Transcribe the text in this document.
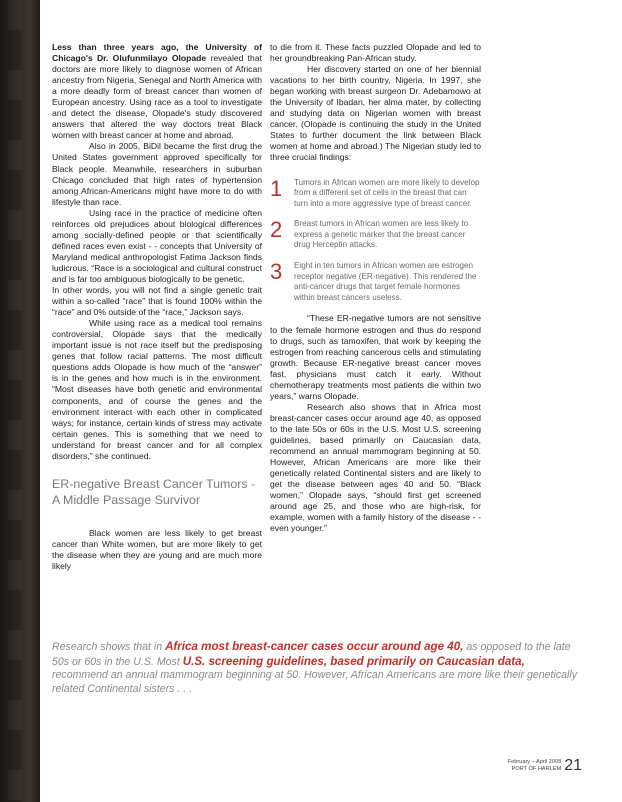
Less than three years ago, the University of Chicago's Dr. Olufunmilayo Olopade revealed that doctors are more likely to diagnose women of African ancestry from Nigeria, Senegal and North America with a more deadly form of breast cancer than women of European ancestry. Using race as a tool to investigate and detect the disease, Olopade's study discovered answers that altered the way doctors treat Black women with breast cancer at home and abroad.

Also in 2005, BiDil became the first drug the United States government approved specifically for Black people. Meanwhile, researchers in suburban Chicago concluded that high rates of hypertension among African-Americans might have more to do with lifestyle than race.

Using race in the practice of medicine often reinforces old prejudices about biological differences among socially-defined people or that scientifically defined races even exist - - concepts that University of Maryland medical anthropologist Fatima Jackson finds ludicrous. “Race is a sociological and cultural construct and is far too ambiguous biologically to be genetic.

In other words, you will not find a single genetic trait within a so-called “race” that is found 100% within the “race” and 0% outside of the “race,” Jackson says.

While using race as a medical tool remains controversial, Olopade says that the medically important issue is not race itself but the predisposing genes that follow racial patterns. The most difficult questions adds Olopade is how much of the “answer” is in the genes and how much is in the environment. “Most diseases have both genetic and environmental components, and of course the genes and the environment interact with each other in complicated ways; for instance, certain kinds of stress may activate certain genes. This is something that we need to understand for breast cancer and for all complex disorders,” she continued.

ER-negative Breast Cancer Tumors - A Middle Passage Survivor

Black women are less likely to get breast cancer than White women, but are more likely to get the disease when they are young and are much more likely

to die from it. These facts puzzled Olopade and led to her groundbreaking Pan-African study.

Her discovery started on one of her biennial vacations to her birth country, Nigeria. In 1997, she began working with breast surgeon Dr. Adebamowo at the University of Ibadan, her alma mater, by collecting and studying data on Nigerian women with breast cancer. (Olopade is continuing the study in the United States to further document the link between Black women at home and abroad.) The Nigerian study led to three crucial findings:

1	Tumors in African women are more likely to develop from a different set of cells in the breast that can turn into a more aggressive type of breast cancer.
2	Breast tumors in African women are less likely to express a genetic marker that the breast cancer drug Herceptin attacks.
3	Eight in ten tumors in African women are estrogen receptor negative (ER-negative). This rendered the anti-cancer drugs that target female hormones within breast cancers useless.

“These ER-negative tumors are not sensitive to the female hormone estrogen and thus do respond to drugs, such as tamoxifen, that work by keeping the estrogen from reaching cancerous cells and stimulating growth. Because ER-negative breast cancer moves fast, physicians must catch it early. Without chemotherapy treatments most patients die within two years,” warns Olopade.

Research also shows that in Africa most breast-cancer cases occur around age 40, as opposed to the late 50s or 60s in the U.S. Most U.S. screening guidelines, based primarily on Caucasian data, recommend an annual mammogram beginning at 50. However, African Americans are more like their genetically related Continental sisters and are likely to get the disease between ages 40 and 50. “Black women,” Olopade says, “should first get screened around age 25, and those who are high-risk, for example, women with a family history of the disease - - even younger.”

Research shows that in Africa most breast-cancer cases occur around age 40, as opposed to the late 50s or 60s in the U.S. Most U.S. screening guidelines, based primarily on Caucasian data, recommend an annual mammogram beginning at 50. However, African Americans are more like their genetically related Continental sisters . . .
February – April 2008
PORT OF HARLEM 21
